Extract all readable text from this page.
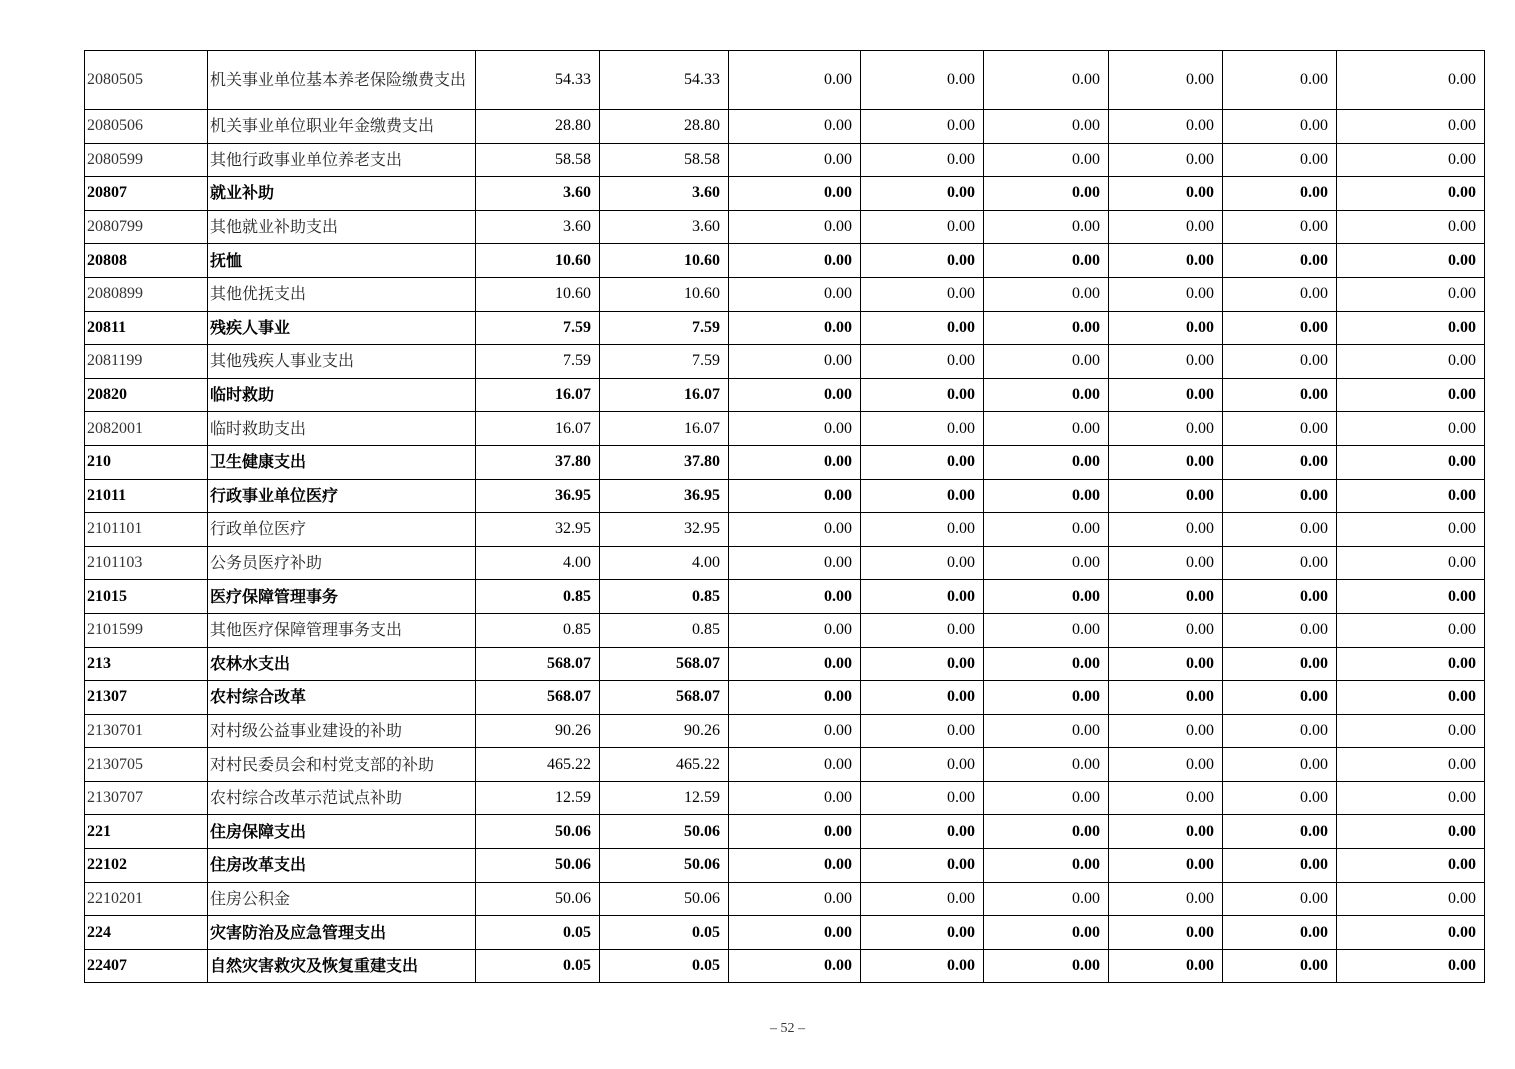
2080505	机关事业单位基本养老保险缴费支出	54.33	54.33	0.00	0.00	0.00	0.00	0.00	0.00
2080506	机关事业单位职业年金缴费支出	28.80	28.80	0.00	0.00	0.00	0.00	0.00	0.00
2080599	其他行政事业单位养老支出	58.58	58.58	0.00	0.00	0.00	0.00	0.00	0.00
20807	就业补助	3.60	3.60	0.00	0.00	0.00	0.00	0.00	0.00
2080799	其他就业补助支出	3.60	3.60	0.00	0.00	0.00	0.00	0.00	0.00
20808	抚恤	10.60	10.60	0.00	0.00	0.00	0.00	0.00	0.00
2080899	其他优抚支出	10.60	10.60	0.00	0.00	0.00	0.00	0.00	0.00
20811	残疾人事业	7.59	7.59	0.00	0.00	0.00	0.00	0.00	0.00
2081199	其他残疾人事业支出	7.59	7.59	0.00	0.00	0.00	0.00	0.00	0.00
20820	临时救助	16.07	16.07	0.00	0.00	0.00	0.00	0.00	0.00
2082001	临时救助支出	16.07	16.07	0.00	0.00	0.00	0.00	0.00	0.00
210	卫生健康支出	37.80	37.80	0.00	0.00	0.00	0.00	0.00	0.00
21011	行政事业单位医疗	36.95	36.95	0.00	0.00	0.00	0.00	0.00	0.00
2101101	行政单位医疗	32.95	32.95	0.00	0.00	0.00	0.00	0.00	0.00
2101103	公务员医疗补助	4.00	4.00	0.00	0.00	0.00	0.00	0.00	0.00
21015	医疗保障管理事务	0.85	0.85	0.00	0.00	0.00	0.00	0.00	0.00
2101599	其他医疗保障管理事务支出	0.85	0.85	0.00	0.00	0.00	0.00	0.00	0.00
213	农林水支出	568.07	568.07	0.00	0.00	0.00	0.00	0.00	0.00
21307	农村综合改革	568.07	568.07	0.00	0.00	0.00	0.00	0.00	0.00
2130701	对村级公益事业建设的补助	90.26	90.26	0.00	0.00	0.00	0.00	0.00	0.00
2130705	对村民委员会和村党支部的补助	465.22	465.22	0.00	0.00	0.00	0.00	0.00	0.00
2130707	农村综合改革示范试点补助	12.59	12.59	0.00	0.00	0.00	0.00	0.00	0.00
221	住房保障支出	50.06	50.06	0.00	0.00	0.00	0.00	0.00	0.00
22102	住房改革支出	50.06	50.06	0.00	0.00	0.00	0.00	0.00	0.00
2210201	住房公积金	50.06	50.06	0.00	0.00	0.00	0.00	0.00	0.00
224	灾害防治及应急管理支出	0.05	0.05	0.00	0.00	0.00	0.00	0.00	0.00
22407	自然灾害救灾及恢复重建支出	0.05	0.05	0.00	0.00	0.00	0.00	0.00	0.00
– 52 –
